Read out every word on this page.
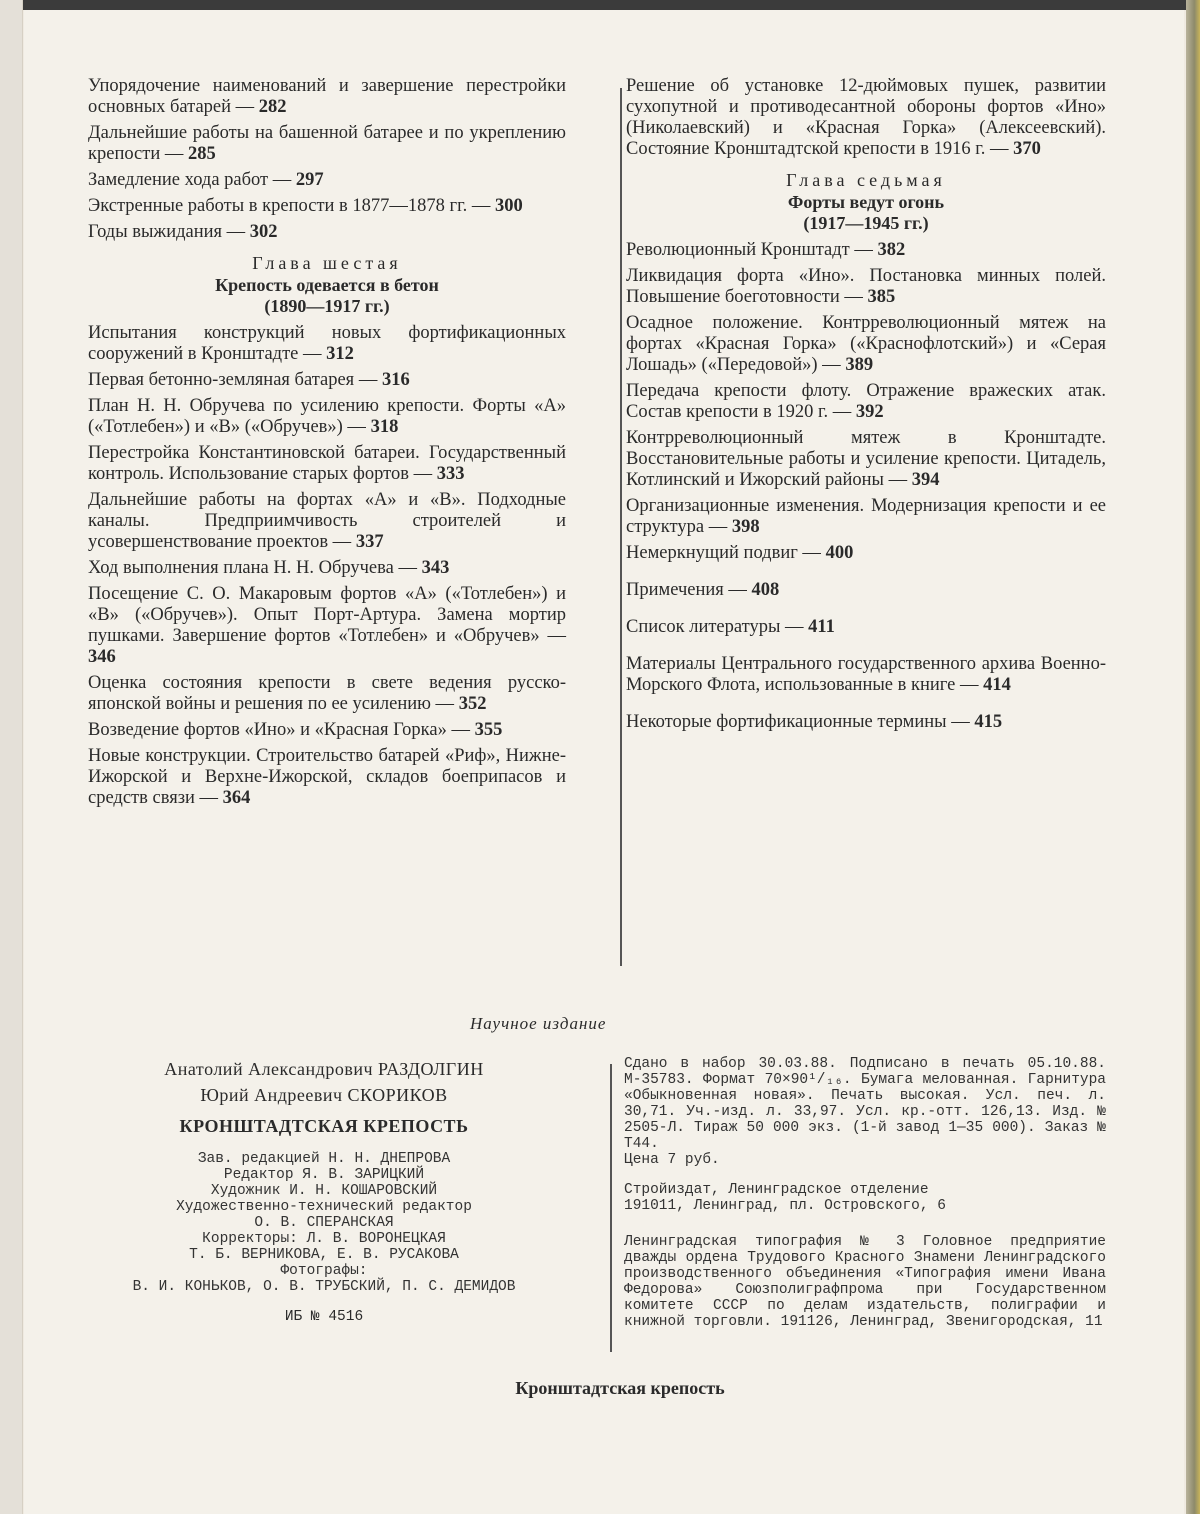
Упорядочение наименований и завершение перестройки основных батарей — 282

Дальнейшие работы на башенной батарее и по укреплению крепости — 285

Замедление хода работ — 297

Экстренные работы в крепости в 1877—1878 гг. — 300

Годы выжидания — 302

Глава шестая
Крепость одевается в бетон
(1890—1917 гг.)

Испытания конструкций новых фортификационных сооружений в Кронштадте — 312

Первая бетонно-земляная батарея — 316

План Н. Н. Обручева по усилению крепости. Форты «А» («Тотлебен») и «В» («Обручев») — 318

Перестройка Константиновской батареи. Государственный контроль. Использование старых фортов — 333

Дальнейшие работы на фортах «А» и «В». Подходные каналы. Предприимчивость строителей и усовершенствование проектов — 337

Ход выполнения плана Н. Н. Обручева — 343

Посещение С. О. Макаровым фортов «А» («Тотлебен») и «В» («Обручев»). Опыт Порт-Артура. Замена мортир пушками. Завершение фортов «Тотлебен» и «Обручев» — 346

Оценка состояния крепости в свете ведения русско-японской войны и решения по ее усилению — 352

Возведение фортов «Ино» и «Красная Горка» — 355

Новые конструкции. Строительство батарей «Риф», Нижне-Ижорской и Верхне-Ижорской, складов боеприпасов и средств связи — 364

Решение об установке 12-дюймовых пушек, развитии сухопутной и противодесантной обороны фортов «Ино» (Николаевский) и «Красная Горка» (Алексеевский). Состояние Кронштадтской крепости в 1916 г. — 370

Глава седьмая
Форты ведут огонь
(1917—1945 гг.)

Революционный Кронштадт — 382

Ликвидация форта «Ино». Постановка минных полей. Повышение боеготовности — 385

Осадное положение. Контрреволюционный мятеж на фортах «Красная Горка» («Краснофлотский») и «Серая Лошадь» («Передовой») — 389

Передача крепости флоту. Отражение вражеских атак. Состав крепости в 1920 г. — 392

Контрреволюционный мятеж в Кронштадте. Восстановительные работы и усиление крепости. Цитадель, Котлинский и Ижорский районы — 394

Организационные изменения. Модернизация крепости и ее структура — 398

Немеркнущий подвиг — 400

Примечения — 408

Список литературы — 411

Материалы Центрального государственного архива Военно-Морского Флота, использованные в книге — 414

Некоторые фортификационные термины — 415

Научное издание
Анатолий Александрович РАЗДОЛГИН
Юрий Андреевич СКОРИКОВ
КРОНШТАДТСКАЯ КРЕПОСТЬ
Зав. редакцией Н. Н. ДНЕПРОВА
Редактор Я. В. ЗАРИЦКИЙ
Художник И. Н. КОШАРОВСКИЙ
Художественно-технический редактор
О. В. СПЕРАНСКАЯ
Корректоры: Л. В. ВОРОНЕЦКАЯ
Т. Б. ВЕРНИКОВА, Е. В. РУСАКОВА
Фотографы:
В. И. КОНЬКОВ, О. В. ТРУБСКИЙ, П. С. ДЕМИДОВ
ИБ № 4516

Сдано в набор 30.03.88. Подписано в печать 05.10.88. М-35783. Формат 70×90¹/₁₆. Бумага мелованная. Гарнитура «Обыкновенная новая». Печать высокая. Усл. печ. л. 30,71. Уч.-изд. л. 33,97. Усл. кр.-отт. 126,13. Изд. № 2505-Л. Тираж 50 000 экз. (1-й завод 1—35 000). Заказ № Т44.

Цена 7 руб.

Стройиздат, Ленинградское отделение

191011, Ленинград, пл. Островского, 6

Ленинградская типография № 3 Головное предприятие дважды ордена Трудового Красного Знамени Ленинградского производственного объединения «Типография имени Ивана Федорова» Союзполиграфпрома при Государственном комитете СССР по делам издательств, полиграфии и книжной торговли. 191126, Ленинград, Звенигородская, 11

Кронштадтская крепость
